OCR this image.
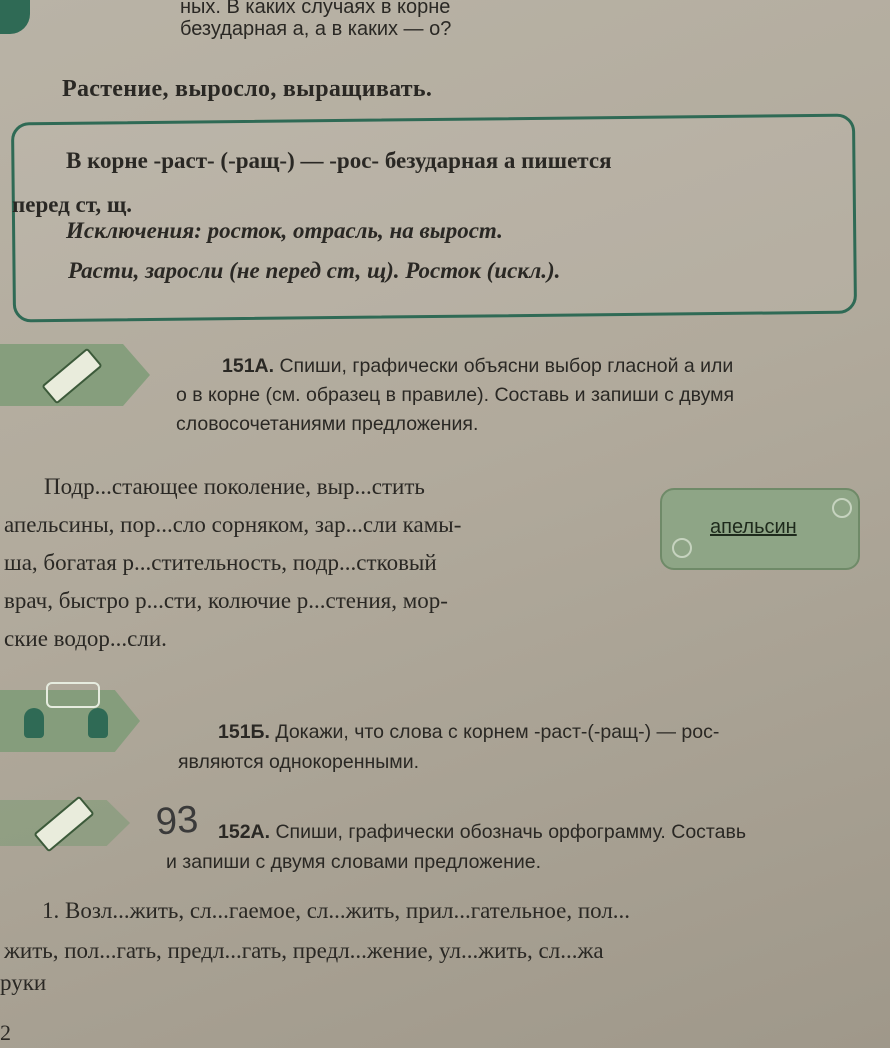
ных. В каких случаях в корне
безударная а, а в каких — о?
Растение, выросло, выращивать.
В корне -раст- (-ращ-) — -рос- безударная а пишется
перед ст, щ.
Исключения: росток, отрасль, на вырост.
Расти, заросли (не перед ст, щ). Росток (искл.).
151А. Спиши, графически объясни выбор гласной а или
о в корне (см. образец в правиле). Составь и запиши с двумя
словосочетаниями предложения.
Подр...стающее поколение, выр...стить
апельсины, пор...сло сорняком, зар...сли камы-
ша, богатая р...стительность, подр...стковый
врач, быстро р...сти, колючие р...стения, мор-
ские водор...сли.
апельсин
151Б. Докажи, что слова с корнем -раст-(-ращ-) — рос-
являются однокоренными.
93 152А. Спиши, графически обозначь орфограмму. Составь
и запиши с двумя словами предложение.
1. Возл...жить, сл...гаемое, сл...жить, прил...гательное, пол...
жить, пол...гать, предл...гать, предл...жение, ул...жить, сл...жа
руки
2
